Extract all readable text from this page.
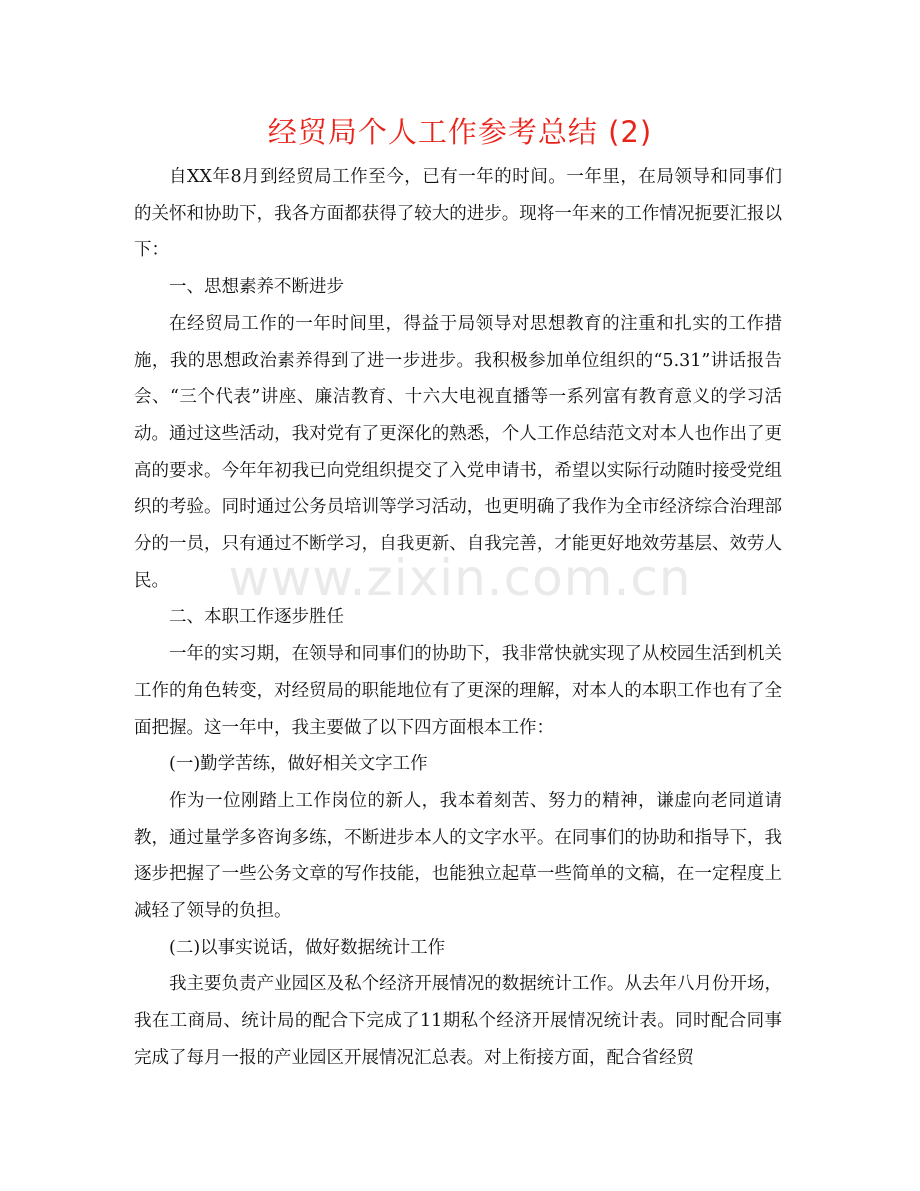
经贸局个人工作参考总结 (2)

自XX年8月到经贸局工作至今，已有一年的时间。一年里，在局领导和同事们的关怀和协助下，我各方面都获得了较大的进步。现将一年来的工作情况扼要汇报以下：

一、思想素养不断进步

在经贸局工作的一年时间里，得益于局领导对思想教育的注重和扎实的工作措施，我的思想政治素养得到了进一步进步。我积极参加单位组织的“5.31”讲话报告会、“三个代表”讲座、廉洁教育、十六大电视直播等一系列富有教育意义的学习活动。通过这些活动，我对党有了更深化的熟悉，个人工作总结范文对本人也作出了更高的要求。今年年初我已向党组织提交了入党申请书，希望以实际行动随时接受党组织的考验。同时通过公务员培训等学习活动，也更明确了我作为全市经济综合治理部分的一员，只有通过不断学习，自我更新、自我完善，才能更好地效劳基层、效劳人民。

二、本职工作逐步胜任

一年的实习期，在领导和同事们的协助下，我非常快就实现了从校园生活到机关工作的角色转变，对经贸局的职能地位有了更深的理解，对本人的本职工作也有了全面把握。这一年中，我主要做了以下四方面根本工作：

(一)勤学苦练，做好相关文字工作

作为一位刚踏上工作岗位的新人，我本着刻苦、努力的精神，谦虚向老同道请教，通过量学多咨询多练，不断进步本人的文字水平。在同事们的协助和指导下，我逐步把握了一些公务文章的写作技能，也能独立起草一些简单的文稿，在一定程度上减轻了领导的负担。

(二)以事实说话，做好数据统计工作

我主要负责产业园区及私个经济开展情况的数据统计工作。从去年八月份开场，我在工商局、统计局的配合下完成了11期私个经济开展情况统计表。同时配合同事完成了每月一报的产业园区开展情况汇总表。对上衔接方面，配合省经贸

www.zixin.com.cn
